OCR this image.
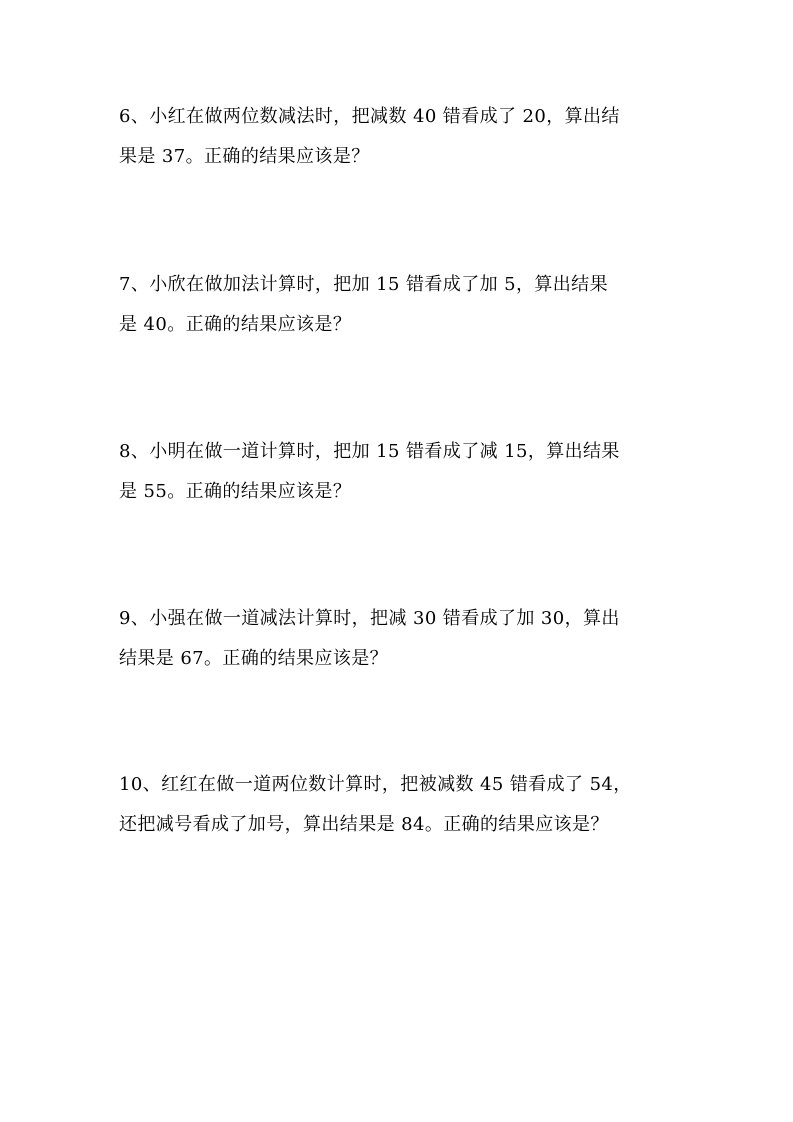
6、小红在做两位数减法时，把减数 40 错看成了 20，算出结
果是 37。正确的结果应该是？

7、小欣在做加法计算时，把加 15 错看成了加 5，算出结果
是 40。正确的结果应该是？

8、小明在做一道计算时，把加 15 错看成了减 15，算出结果
是 55。正确的结果应该是？

9、小强在做一道减法计算时，把减 30 错看成了加 30，算出
结果是 67。正确的结果应该是？

10、红红在做一道两位数计算时，把被减数 45 错看成了 54，
还把减号看成了加号，算出结果是 84。正确的结果应该是？
